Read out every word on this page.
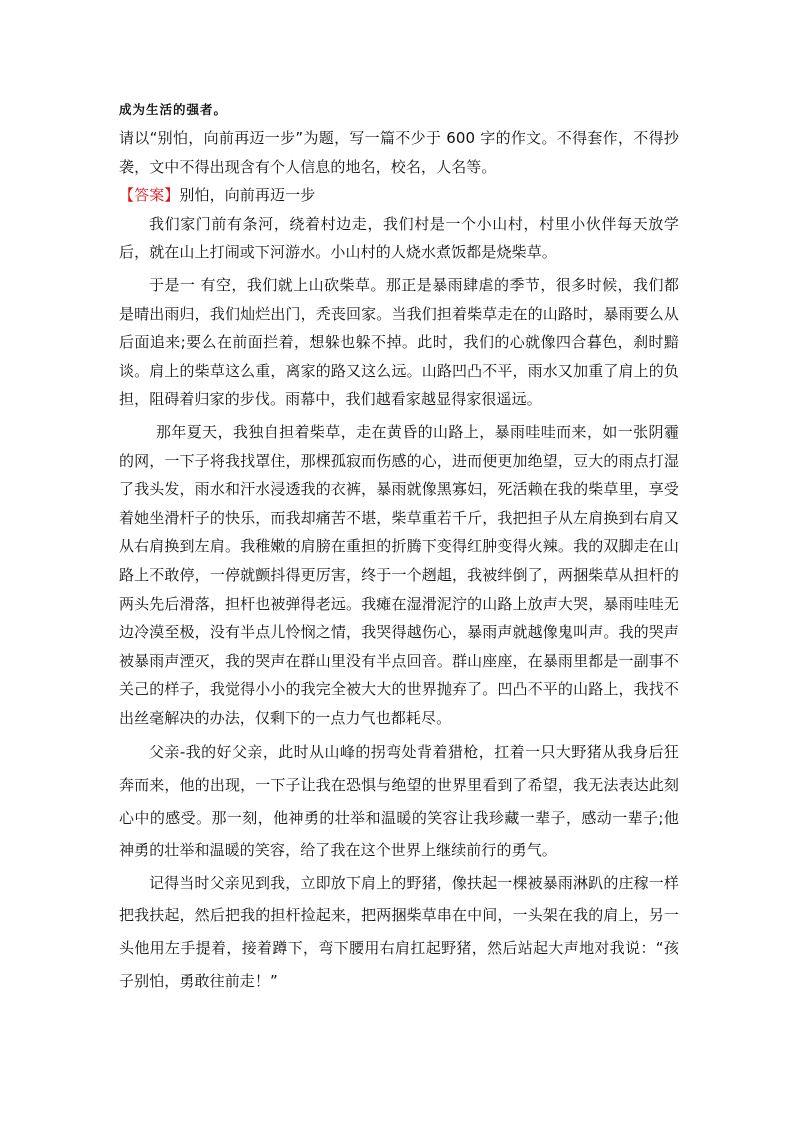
成为生活的强者。

请以“别怕，向前再迈一步”为题，写一篇不少于 600 字的作文。不得套作，不得抄袭，文中不得出现含有个人信息的地名，校名，人名等。

【答案】别怕，向前再迈一步

我们家门前有条河，绕着村边走，我们村是一个小山村，村里小伙伴每天放学后，就在山上打闹或下河游水。小山村的人烧水煮饭都是烧柴草。

于是一 有空，我们就上山砍柴草。那正是暴雨肆虐的季节，很多时候，我们都是晴出雨归，我们灿烂出门，秃丧回家。当我们担着柴草走在的山路时，暴雨要么从后面追来;要么在前面拦着，想躲也躲不掉。此时，我们的心就像四合暮色，刹时黯谈。肩上的柴草这么重，离家的路又这么远。山路凹凸不平，雨水又加重了肩上的负担，阻碍着归家的步伐。雨幕中，我们越看家越显得家很遥远。

那年夏天，我独自担着柴草，走在黄昏的山路上，暴雨哇哇而来，如一张阴霾的网，一下子将我找罩住，那棵孤寂而伤感的心，进而便更加绝望，豆大的雨点打湿了我头发，雨水和汗水浸透我的衣裤，暴雨就像黑寡妇，死活赖在我的柴草里，享受着她坐滑杆子的快乐，而我却痛苦不堪，柴草重若千斤，我把担子从左肩换到右肩又从右肩换到左肩。我稚嫩的肩膀在重担的折腾下变得红肿变得火辣。我的双脚走在山路上不敢停，一停就颤抖得更厉害，终于一个趔趄，我被绊倒了，两捆柴草从担杆的两头先后滑落，担杆也被弹得老远。我瘫在湿滑泥泞的山路上放声大哭，暴雨哇哇无边冷漠至极，没有半点儿怜悯之情，我哭得越伤心，暴雨声就越像鬼叫声。我的哭声被暴雨声湮灭，我的哭声在群山里没有半点回音。群山座座，在暴雨里都是一副事不关己的样子，我觉得小小的我完全被大大的世界抛弃了。凹凸不平的山路上，我找不出丝毫解决的办法，仅剩下的一点力气也都耗尽。

父亲-我的好父亲，此时从山峰的拐弯处背着猎枪，扛着一只大野猪从我身后狂奔而来，他的出现，一下子让我在恐惧与绝望的世界里看到了希望，我无法表达此刻心中的感受。那一刻，他神勇的壮举和温暖的笑容让我珍藏一辈子，感动一辈子;他神勇的壮举和温暖的笑容，给了我在这个世界上继续前行的勇气。

记得当时父亲见到我，立即放下肩上的野猪，像扶起一棵被暴雨淋趴的庄稼一样把我扶起，然后把我的担杆捡起来，把两捆柴草串在中间，一头架在我的肩上，另一头他用左手提着，接着蹲下，弯下腰用右肩扛起野猪，然后站起大声地对我说：“孩子别怕，勇敢往前走！”
